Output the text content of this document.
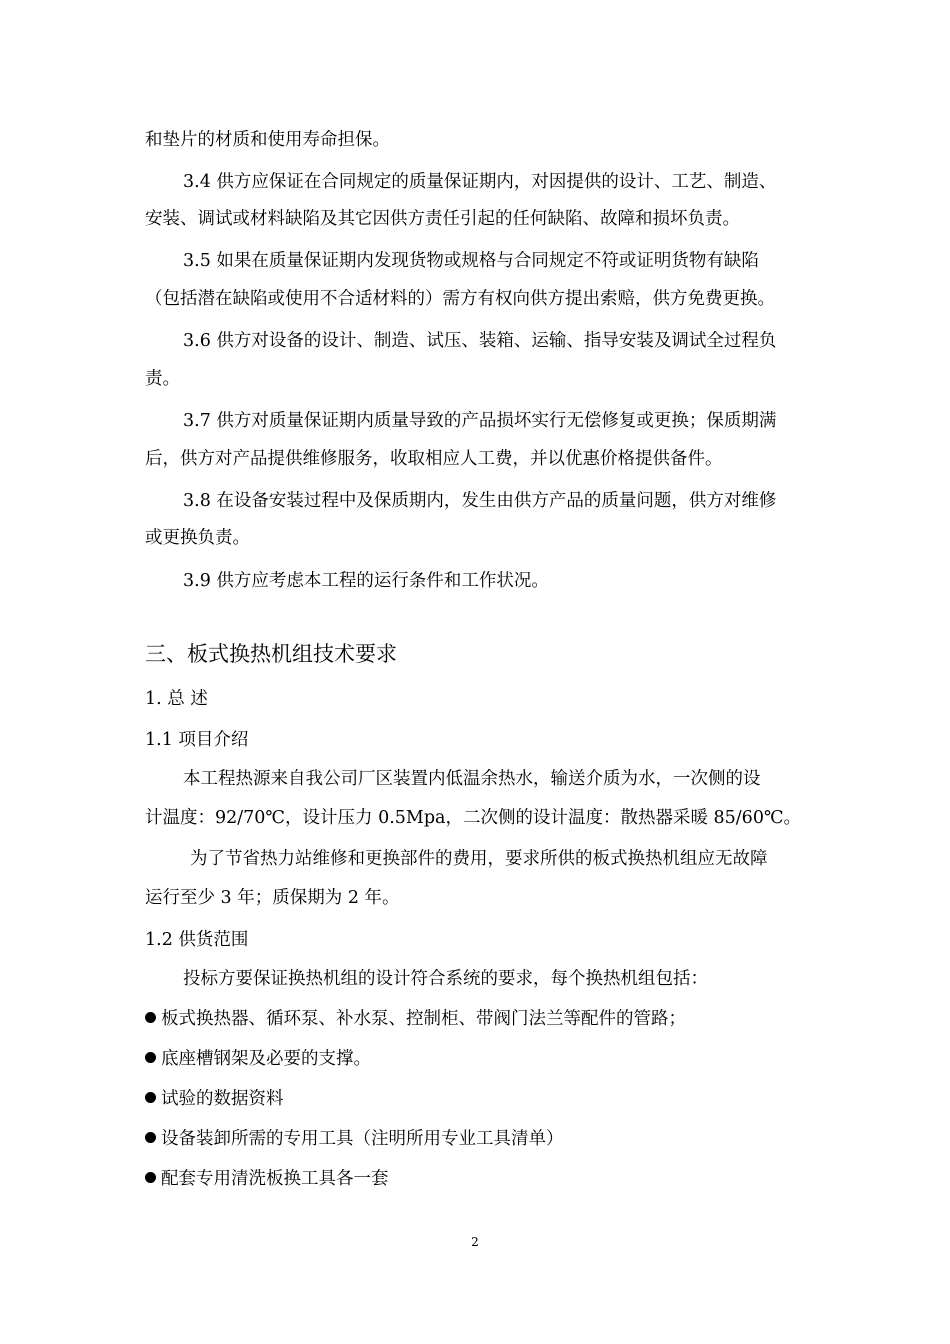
和垫片的材质和使用寿命担保。
3.4 供方应保证在合同规定的质量保证期内，对因提供的设计、工艺、制造、
安装、调试或材料缺陷及其它因供方责任引起的任何缺陷、故障和损坏负责。
3.5 如果在质量保证期内发现货物或规格与合同规定不符或证明货物有缺陷
（包括潜在缺陷或使用不合适材料的）需方有权向供方提出索赔，供方免费更换。
3.6 供方对设备的设计、制造、试压、装箱、运输、指导安装及调试全过程负
责。
3.7 供方对质量保证期内质量导致的产品损坏实行无偿修复或更换；保质期满
后，供方对产品提供维修服务，收取相应人工费，并以优惠价格提供备件。
3.8 在设备安装过程中及保质期内，发生由供方产品的质量问题，供方对维修
或更换负责。
3.9 供方应考虑本工程的运行条件和工作状况。
三、板式换热机组技术要求
1. 总 述
1.1 项目介绍
本工程热源来自我公司厂区装置内低温余热水，输送介质为水，一次侧的设
计温度：92/70℃，设计压力 0.5Mpa，二次侧的设计温度：散热器采暖 85/60℃。
为了节省热力站维修和更换部件的费用，要求所供的板式换热机组应无故障
运行至少 3 年；质保期为 2 年。
1.2 供货范围
投标方要保证换热机组的设计符合系统的要求，每个换热机组包括：
板式换热器、循环泵、补水泵、控制柜、带阀门法兰等配件的管路；
底座槽钢架及必要的支撑。
试验的数据资料
设备装卸所需的专用工具（注明所用专业工具清单）
配套专用清洗板换工具各一套
2
